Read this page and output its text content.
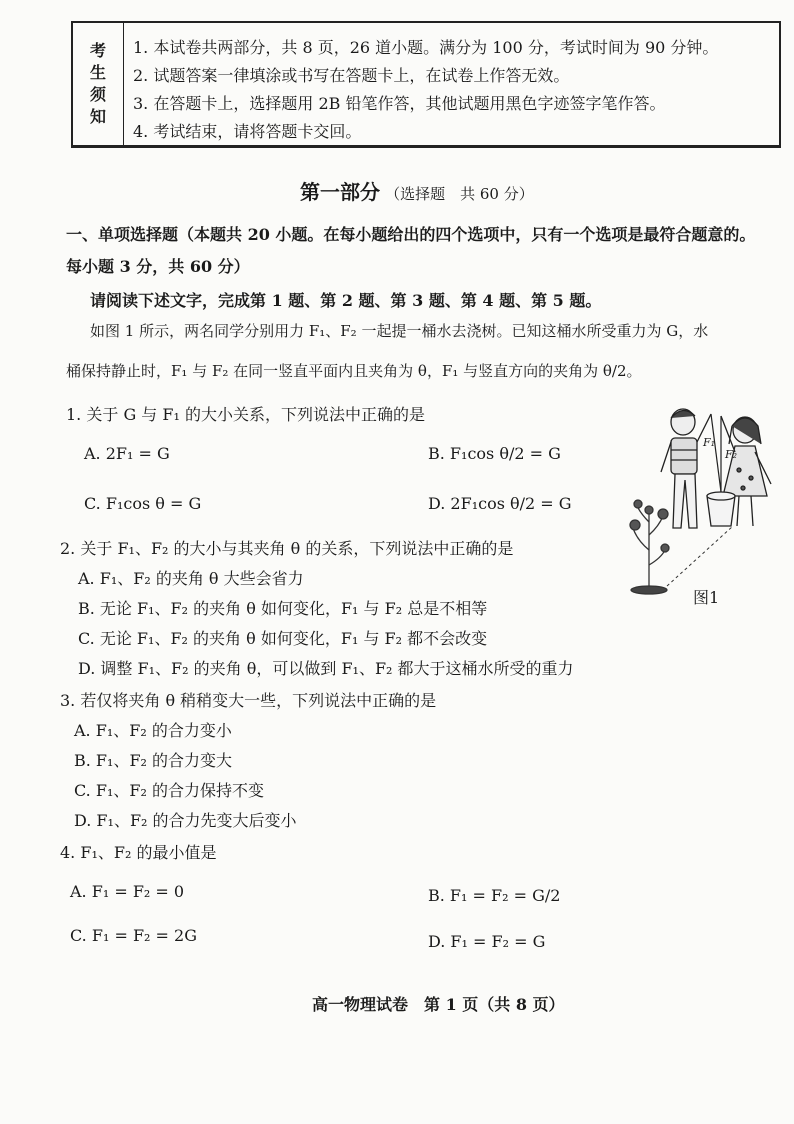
考
生
须
知
1. 本试卷共两部分，共 8 页，26 道小题。满分为 100 分，考试时间为 90 分钟。
2. 试题答案一律填涂或书写在答题卡上，在试卷上作答无效。
3. 在答题卡上，选择题用 2B 铅笔作答，其他试题用黑色字迹签字笔作答。
4. 考试结束，请将答题卡交回。
第一部分 （选择题　共 60 分）
一、单项选择题（本题共 20 小题。在每小题给出的四个选项中，只有一个选项是最符合题意的。
每小题 3 分，共 60 分）
请阅读下述文字，完成第 1 题、第 2 题、第 3 题、第 4 题、第 5 题。
如图 1 所示，两名同学分别用力 F₁、F₂ 一起提一桶水去浇树。已知这桶水所受重力为 G，水
桶保持静止时，F₁ 与 F₂ 在同一竖直平面内且夹角为 θ，F₁ 与竖直方向的夹角为 θ/2。
1. 关于 G 与 F₁ 的大小关系，下列说法中正确的是
A. 2F₁ = G	B. F₁cos θ/2 = G
C. F₁cos θ = G	D. 2F₁cos θ/2 = G
F₁
F₂
图1
2. 关于 F₁、F₂ 的大小与其夹角 θ 的关系，下列说法中正确的是
A. F₁、F₂ 的夹角 θ 大些会省力
B. 无论 F₁、F₂ 的夹角 θ 如何变化，F₁ 与 F₂ 总是不相等
C. 无论 F₁、F₂ 的夹角 θ 如何变化，F₁ 与 F₂ 都不会改变
D. 调整 F₁、F₂ 的夹角 θ，可以做到 F₁、F₂ 都大于这桶水所受的重力
3. 若仅将夹角 θ 稍稍变大一些，下列说法中正确的是
A. F₁、F₂ 的合力变小
B. F₁、F₂ 的合力变大
C. F₁、F₂ 的合力保持不变
D. F₁、F₂ 的合力先变大后变小
4. F₁、F₂ 的最小值是
A. F₁ = F₂ = 0	B. F₁ = F₂ = G/2
C. F₁ = F₂ = 2G	D. F₁ = F₂ = G
高一物理试卷　第 1 页（共 8 页）
